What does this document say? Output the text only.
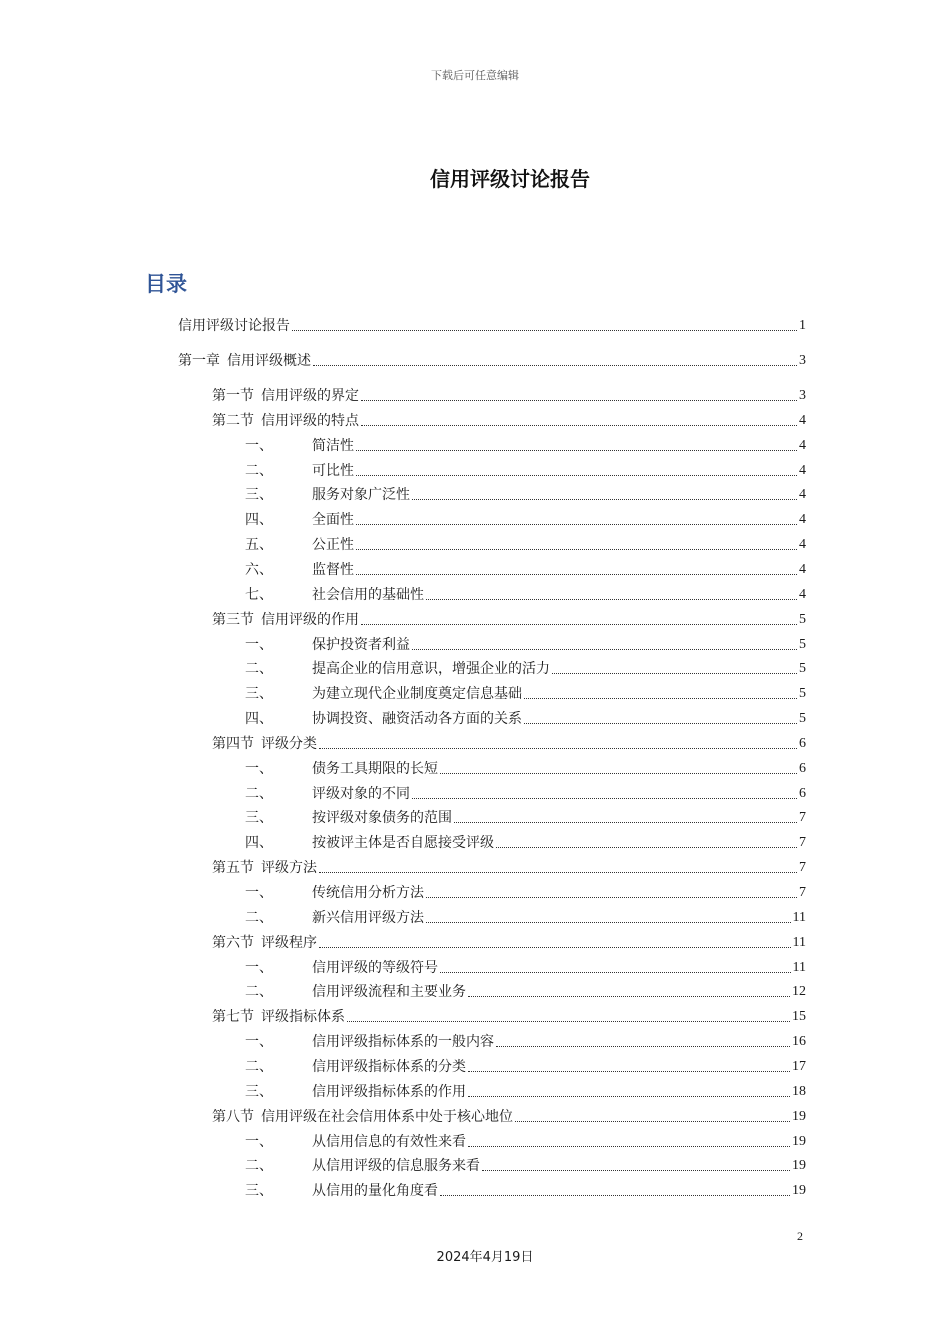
下载后可任意编辑
信用评级讨论报告
目录
信用评级讨论报告	1
第一章 信用评级概述	3
第一节 信用评级的界定	3
第二节 信用评级的特点	4
一、	简洁性	4
二、	可比性	4
三、	服务对象广泛性	4
四、	全面性	4
五、	公正性	4
六、	监督性	4
七、	社会信用的基础性	4
第三节 信用评级的作用	5
一、	保护投资者利益	5
二、	提高企业的信用意识，增强企业的活力	5
三、	为建立现代企业制度奠定信息基础	5
四、	协调投资、融资活动各方面的关系	5
第四节 评级分类	6
一、	债务工具期限的长短	6
二、	评级对象的不同	6
三、	按评级对象债务的范围	7
四、	按被评主体是否自愿接受评级	7
第五节 评级方法	7
一、	传统信用分析方法	7
二、	新兴信用评级方法	11
第六节 评级程序	11
一、	信用评级的等级符号	11
二、	信用评级流程和主要业务	12
第七节 评级指标体系	15
一、	信用评级指标体系的一般内容	16
二、	信用评级指标体系的分类	17
三、	信用评级指标体系的作用	18
第八节 信用评级在社会信用体系中处于核心地位	19
一、	从信用信息的有效性来看	19
二、	从信用评级的信息服务来看	19
三、	从信用的量化角度看	19
2
2024年4月19日
